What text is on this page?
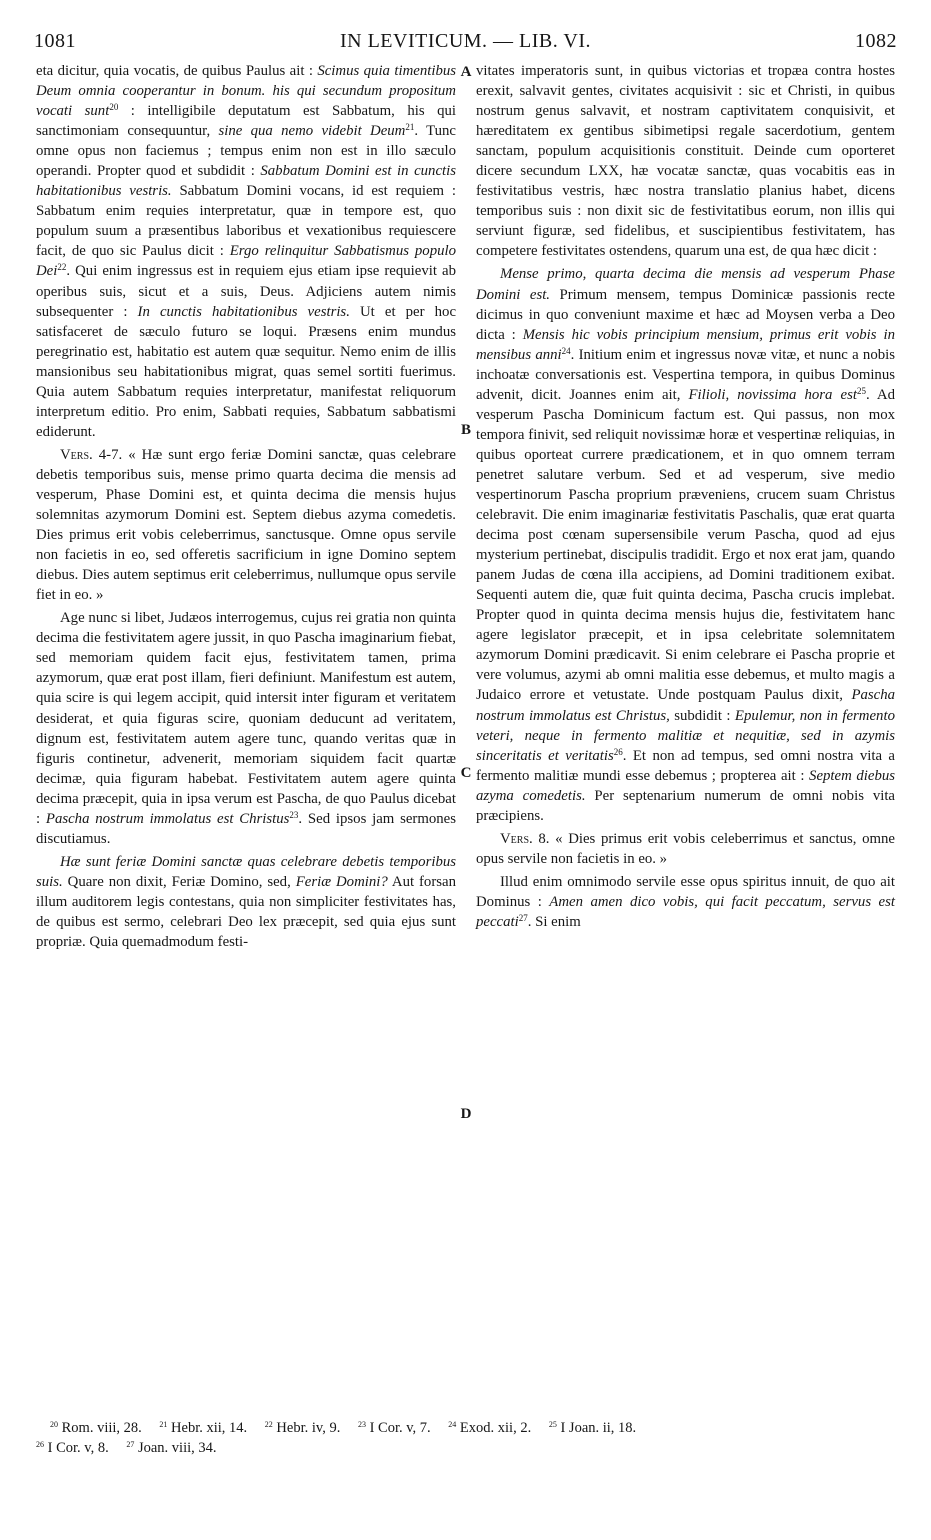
1081	IN LEVITICUM. — LIB. VI.	1082
A
B
C
D

eta dicitur, quia vocatis, de quibus Paulus ait : Scimus quia timentibus Deum omnia cooperantur in bonum. his qui secundum propositum vocati sunt$^{20}$ : intelligibile deputatum est Sabbatum, his qui sanctimoniam consequuntur, sine qua nemo videbit Deum$^{21}$. Tunc omne opus non faciemus ; tempus enim non est in illo sæculo operandi. Propter quod et subdidit : Sabbatum Domini est in cunctis habitationibus vestris. Sabbatum Domini vocans, id est requiem : Sabbatum enim requies interpretatur, quæ in tempore est, quo populum suum a præsentibus laboribus et vexationibus requiescere facit, de quo sic Paulus dicit : Ergo relinquitur Sabbatismus populo Dei$^{22}$. Qui enim ingressus est in requiem ejus etiam ipse requievit ab operibus suis, sicut et a suis, Deus. Adjiciens autem nimis subsequenter : In cunctis habitationibus vestris. Ut et per hoc satisfaceret de sæculo futuro se loqui. Præsens enim mundus peregrinatio est, habitatio est autem quæ sequitur. Nemo enim de illis mansionibus seu habitationibus migrat, quas semel sortiti fuerimus. Quia autem Sabbatum requies interpretatur, manifestat reliquorum interpretum editio. Pro enim, Sabbati requies, Sabbatum sabbatismi ediderunt.

Vers. 4-7. « Hæ sunt ergo feriæ Domini sanctæ, quas celebrare debetis temporibus suis, mense primo quarta decima die mensis ad vesperum, Phase Domini est, et quinta decima die mensis hujus solemnitas azymorum Domini est. Septem diebus azyma comedetis. Dies primus erit vobis celeberrimus, sanctusque. Omne opus servile non facietis in eo, sed offeretis sacrificium in igne Domino septem diebus. Dies autem septimus erit celeberrimus, nullumque opus servile fiet in eo. »

Age nunc si libet, Judæos interrogemus, cujus rei gratia non quinta decima die festivitatem agere jussit, in quo Pascha imaginarium fiebat, sed memoriam quidem facit ejus, festivitatem tamen, prima azymorum, quæ erat post illam, fieri definiunt. Manifestum est autem, quia scire is qui legem accipit, quid intersit inter figuram et veritatem desiderat, et quia figuras scire, quoniam deducunt ad veritatem, dignum est, festivitatem autem agere tunc, quando veritas quæ in figuris continetur, advenerit, memoriam siquidem facit quartæ decimæ, quia figuram habebat. Festivitatem autem agere quinta decima præcepit, quia in ipsa verum est Pascha, de quo Paulus dicebat : Pascha nostrum immolatus est Christus$^{23}$. Sed ipsos jam sermones discutiamus.

Hæ sunt feriæ Domini sanctæ quas celebrare debetis temporibus suis. Quare non dixit, Feriæ Domino, sed, Feriæ Domini? Aut forsan illum auditorem legis contestans, quia non simpliciter festivitates has, de quibus est sermo, celebrari Deo lex præcepit, sed quia ejus sunt propriæ. Quia quemadmodum festi-

vitates imperatoris sunt, in quibus victorias et tropæa contra hostes erexit, salvavit gentes, civitates acquisivit : sic et Christi, in quibus nostrum genus salvavit, et nostram captivitatem conquisivit, et hæreditatem ex gentibus sibimetipsi regale sacerdotium, gentem sanctam, populum acquisitionis constituit. Deinde cum oporteret dicere secundum LXX, hæ vocatæ sanctæ, quas vocabitis eas in festivitatibus vestris, hæc nostra translatio planius habet, dicens temporibus suis : non dixit sic de festivitatibus eorum, non illis qui serviunt figuræ, sed fidelibus, et suscipientibus festivitatem, has competere festivitates ostendens, quarum una est, de qua hæc dicit :

Mense primo, quarta decima die mensis ad vesperum Phase Domini est. Primum mensem, tempus Dominicæ passionis recte dicimus in quo conveniunt maxime et hæc ad Moysen verba a Deo dicta : Mensis hic vobis principium mensium, primus erit vobis in mensibus anni$^{24}$. Initium enim et ingressus novæ vitæ, et nunc a nobis inchoatæ conversationis est. Vespertina tempora, in quibus Dominus advenit, dicit. Joannes enim ait, Filioli, novissima hora est$^{25}$. Ad vesperum Pascha Dominicum factum est. Qui passus, non mox tempora finivit, sed reliquit novissimæ horæ et vespertinæ reliquias, in quibus oporteat currere prædicationem, et in quo omnem terram penetret salutare verbum. Sed et ad vesperum, sive medio vespertinorum Pascha proprium præveniens, crucem suam Christus celebravit. Die enim imaginariæ festivitatis Paschalis, quæ erat quarta decima post cœnam supersensibile verum Pascha, quod ad ejus mysterium pertinebat, discipulis tradidit. Ergo et nox erat jam, quando panem Judas de cœna illa accipiens, ad Domini traditionem exibat. Sequenti autem die, quæ fuit quinta decima, Pascha crucis implebat. Propter quod in quinta decima mensis hujus die, festivitatem hanc agere legislator præcepit, et in ipsa celebritate solemnitatem azymorum Domini prædicavit. Si enim celebrare ei Pascha proprie et vere volumus, azymi ab omni malitia esse debemus, et multo magis a Judaico errore et vetustate. Unde postquam Paulus dixit, Pascha nostrum immolatus est Christus, subdidit : Epulemur, non in fermento veteri, neque in fermento malitiæ et nequitiæ, sed in azymis sinceritatis et veritatis$^{26}$. Et non ad tempus, sed omni nostra vita a fermento malitiæ mundi esse debemus ; propterea ait : Septem diebus azyma comedetis. Per septenarium numerum de omni nobis vita præcipiens.

Vers. 8. « Dies primus erit vobis celeberrimus et sanctus, omne opus servile non facietis in eo. »

Illud enim omnimodo servile esse opus spiritus innuit, de quo ait Dominus : Amen amen dico vobis, qui facit peccatum, servus est peccati$^{27}$. Si enim

$^{20}$ Rom. viii, 28. $^{21}$ Hebr. xii, 14. $^{22}$ Hebr. iv, 9. $^{23}$ I Cor. v, 7. $^{24}$ Exod. xii, 2. $^{25}$ I Joan. ii, 18.
$^{26}$ I Cor. v, 8. $^{27}$ Joan. viii, 34.
